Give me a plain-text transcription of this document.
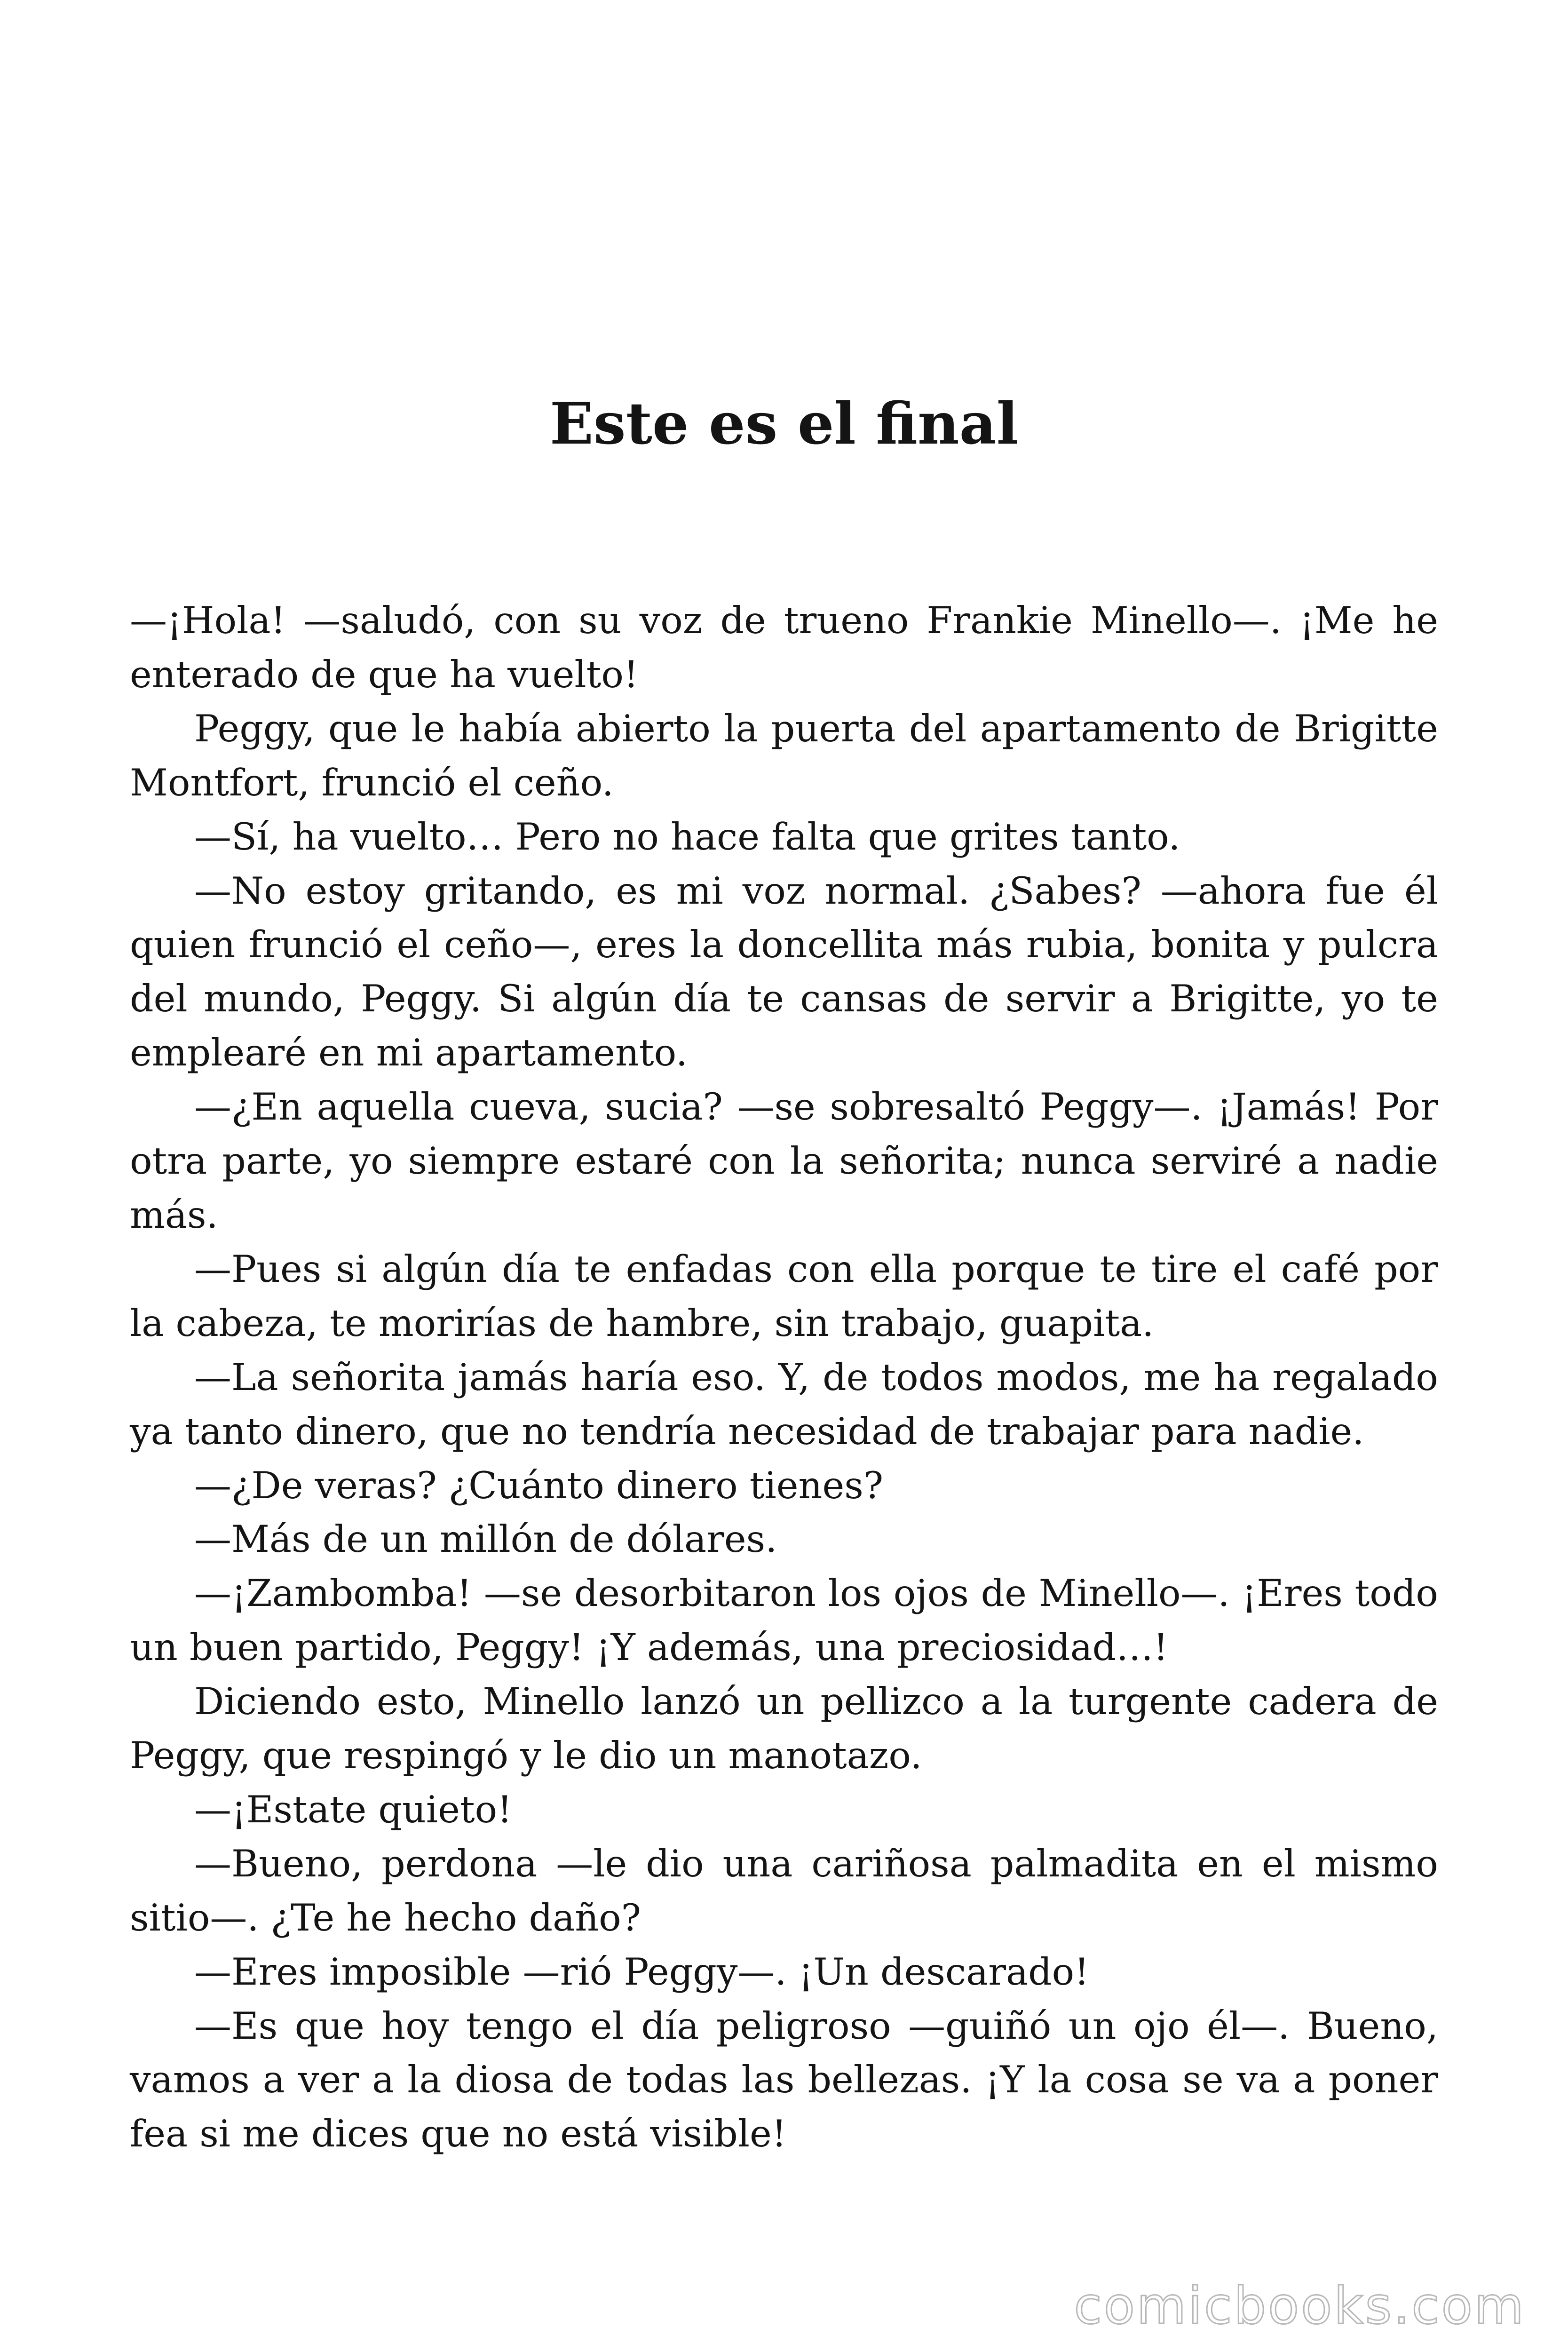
Este es el final

—¡Hola! —saludó, con su voz de trueno Frankie Minello—. ¡Me he enterado de que ha vuelto!

Peggy, que le había abierto la puerta del apartamento de Brigitte Montfort, frunció el ceño.

—Sí, ha vuelto… Pero no hace falta que grites tanto.

—No estoy gritando, es mi voz normal. ¿Sabes? —ahora fue él quien frunció el ceño—, eres la doncellita más rubia, bonita y pulcra del mundo, Peggy. Si algún día te cansas de servir a Brigitte, yo te emplearé en mi apartamento.

—¿En aquella cueva, sucia? —se sobresaltó Peggy—. ¡Jamás! Por otra parte, yo siempre estaré con la señorita; nunca serviré a nadie más.

—Pues si algún día te enfadas con ella porque te tire el café por la cabeza, te morirías de hambre, sin trabajo, guapita.

—La señorita jamás haría eso. Y, de todos modos, me ha regalado ya tanto dinero, que no tendría necesidad de trabajar para nadie.

—¿De veras? ¿Cuánto dinero tienes?

—Más de un millón de dólares.

—¡Zambomba! —se desorbitaron los ojos de Minello—. ¡Eres todo un buen partido, Peggy! ¡Y además, una preciosidad…!

Diciendo esto, Minello lanzó un pellizco a la turgente cadera de Peggy, que respingó y le dio un manotazo.

—¡Estate quieto!

—Bueno, perdona —le dio una cariñosa palmadita en el mismo sitio—. ¿Te he hecho daño?

—Eres imposible —rió Peggy—. ¡Un descarado!

—Es que hoy tengo el día peligroso —guiñó un ojo él—. Bueno, vamos a ver a la diosa de todas las bellezas. ¡Y la cosa se va a poner fea si me dices que no está visible!

comicbooks.com
